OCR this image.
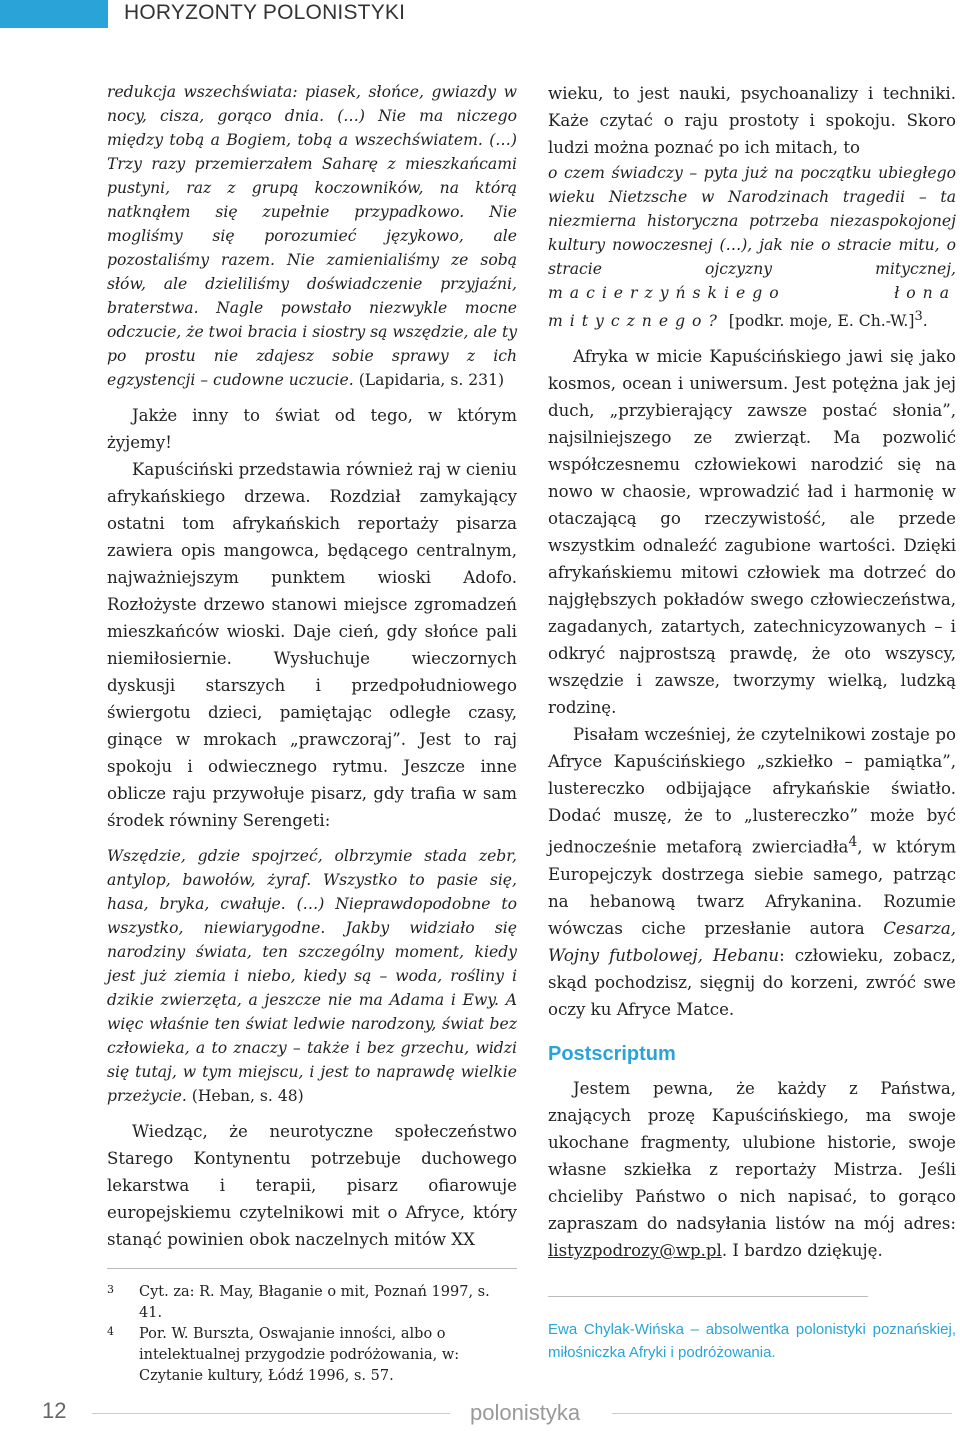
HORYZONTY POLONISTYKI

redukcja wszechświata: piasek, słońce, gwiazdy w nocy, cisza, gorąco dnia. (…) Nie ma niczego między tobą a Bogiem, tobą a wszechświatem. (…) Trzy razy przemierzałem Saharę z mieszkańcami pustyni, raz z grupą koczowników, na którą natknąłem się zupełnie przypadkowo. Nie mogliśmy się porozumieć językowo, ale pozostaliśmy razem. Nie zamienialiśmy ze sobą słów, ale dzieliliśmy doświadczenie przyjaźni, braterstwa. Nagle powstało niezwykle mocne odczucie, że twoi bracia i siostry są wszędzie, ale ty po prostu nie zdajesz sobie sprawy z ich egzystencji – cudowne uczucie. (Lapidaria, s. 231)

Jakże inny to świat od tego, w którym żyjemy!

Kapuściński przedstawia również raj w cieniu afrykańskiego drzewa. Rozdział zamykający ostatni tom afrykańskich reportaży pisarza zawiera opis mangowca, będącego centralnym, najważniejszym punktem wioski Adofo. Rozłożyste drzewo stanowi miejsce zgromadzeń mieszkańców wioski. Daje cień, gdy słońce pali niemiłosiernie. Wysłuchuje wieczornych dyskusji starszych i przedpołudniowego świergotu dzieci, pamiętając odległe czasy, ginące w mrokach „prawczoraj”. Jest to raj spokoju i odwiecznego rytmu. Jeszcze inne oblicze raju przywołuje pisarz, gdy trafia w sam środek równiny Serengeti:

Wszędzie, gdzie spojrzeć, olbrzymie stada zebr, antylop, bawołów, żyraf. Wszystko to pasie się, hasa, bryka, cwałuje. (…) Nieprawdopodobne to wszystko, niewiarygodne. Jakby widziało się narodziny świata, ten szczególny moment, kiedy jest już ziemia i niebo, kiedy są – woda, rośliny i dzikie zwierzęta, a jeszcze nie ma Adama i Ewy. A więc właśnie ten świat ledwie narodzony, świat bez człowieka, a to znaczy – także i bez grzechu, widzi się tutaj, w tym miejscu, i jest to naprawdę wielkie przeżycie. (Heban, s. 48)

Wiedząc, że neurotyczne społeczeństwo Starego Kontynentu potrzebuje duchowego lekarstwa i terapii, pisarz ofiarowuje europejskiemu czytelnikowi mit o Afryce, który stanąć powinien obok naczelnych mitów XX

3 Cyt. za: R. May, Błaganie o mit, Poznań 1997, s. 41.
4 Por. W. Burszta, Oswajanie inności, albo o intelektualnej przygodzie podróżowania, w: Czytanie kultury, Łódź 1996, s. 57.

wieku, to jest nauki, psychoanalizy i techniki. Każe czytać o raju prostoty i spokoju. Skoro ludzi można poznać po ich mitach, to

o czem świadczy – pyta już na początku ubiegłego wieku Nietzsche w Narodzinach tragedii – ta niezmierna historyczna potrzeba niezaspokojonej kultury nowoczesnej (…), jak nie o stracie mitu, o stracie ojczyzny mitycznej, macierzyńskiego łona mitycznego? [podkr. moje, E. Ch.-W.]$^3$.

Afryka w micie Kapuścińskiego jawi się jako kosmos, ocean i uniwersum. Jest potężna jak jej duch, „przybierający zawsze postać słonia”, najsilniejszego ze zwierząt. Ma pozwolić współczesnemu człowiekowi narodzić się na nowo w chaosie, wprowadzić ład i harmonię w otaczającą go rzeczywistość, ale przede wszystkim odnaleźć zagubione wartości. Dzięki afrykańskiemu mitowi człowiek ma dotrzeć do najgłębszych pokładów swego człowieczeństwa, zagadanych, zatartych, zatechnicyzowanych – i odkryć najprostszą prawdę, że oto wszyscy, wszędzie i zawsze, tworzymy wielką, ludzką rodzinę.

Pisałam wcześniej, że czytelnikowi zostaje po Afryce Kapuścińskiego „szkiełko – pamiątka”, lustereczko odbijające afrykańskie światło. Dodać muszę, że to „lustereczko” może być jednocześnie metaforą zwierciadła$^4$, w którym Europejczyk dostrzega siebie samego, patrząc na hebanową twarz Afrykanina. Rozumie wówczas ciche przesłanie autora Cesarza, Wojny futbolowej, Hebanu: człowieku, zobacz, skąd pochodzisz, sięgnij do korzeni, zwróć swe oczy ku Afryce Matce.

Postscriptum

Jestem pewna, że każdy z Państwa, znających prozę Kapuścińskiego, ma swoje ukochane fragmenty, ulubione historie, swoje własne szkiełka z reportaży Mistrza. Jeśli chcieliby Państwo o nich napisać, to gorąco zapraszam do nadsyłania listów na mój adres: listyzpodrozy@wp.pl. I bardzo dziękuję.

Ewa Chylak-Wińska – absolwentka polonistyki poznańskiej, miłośniczka Afryki i podróżowania.
12	polonistyka
